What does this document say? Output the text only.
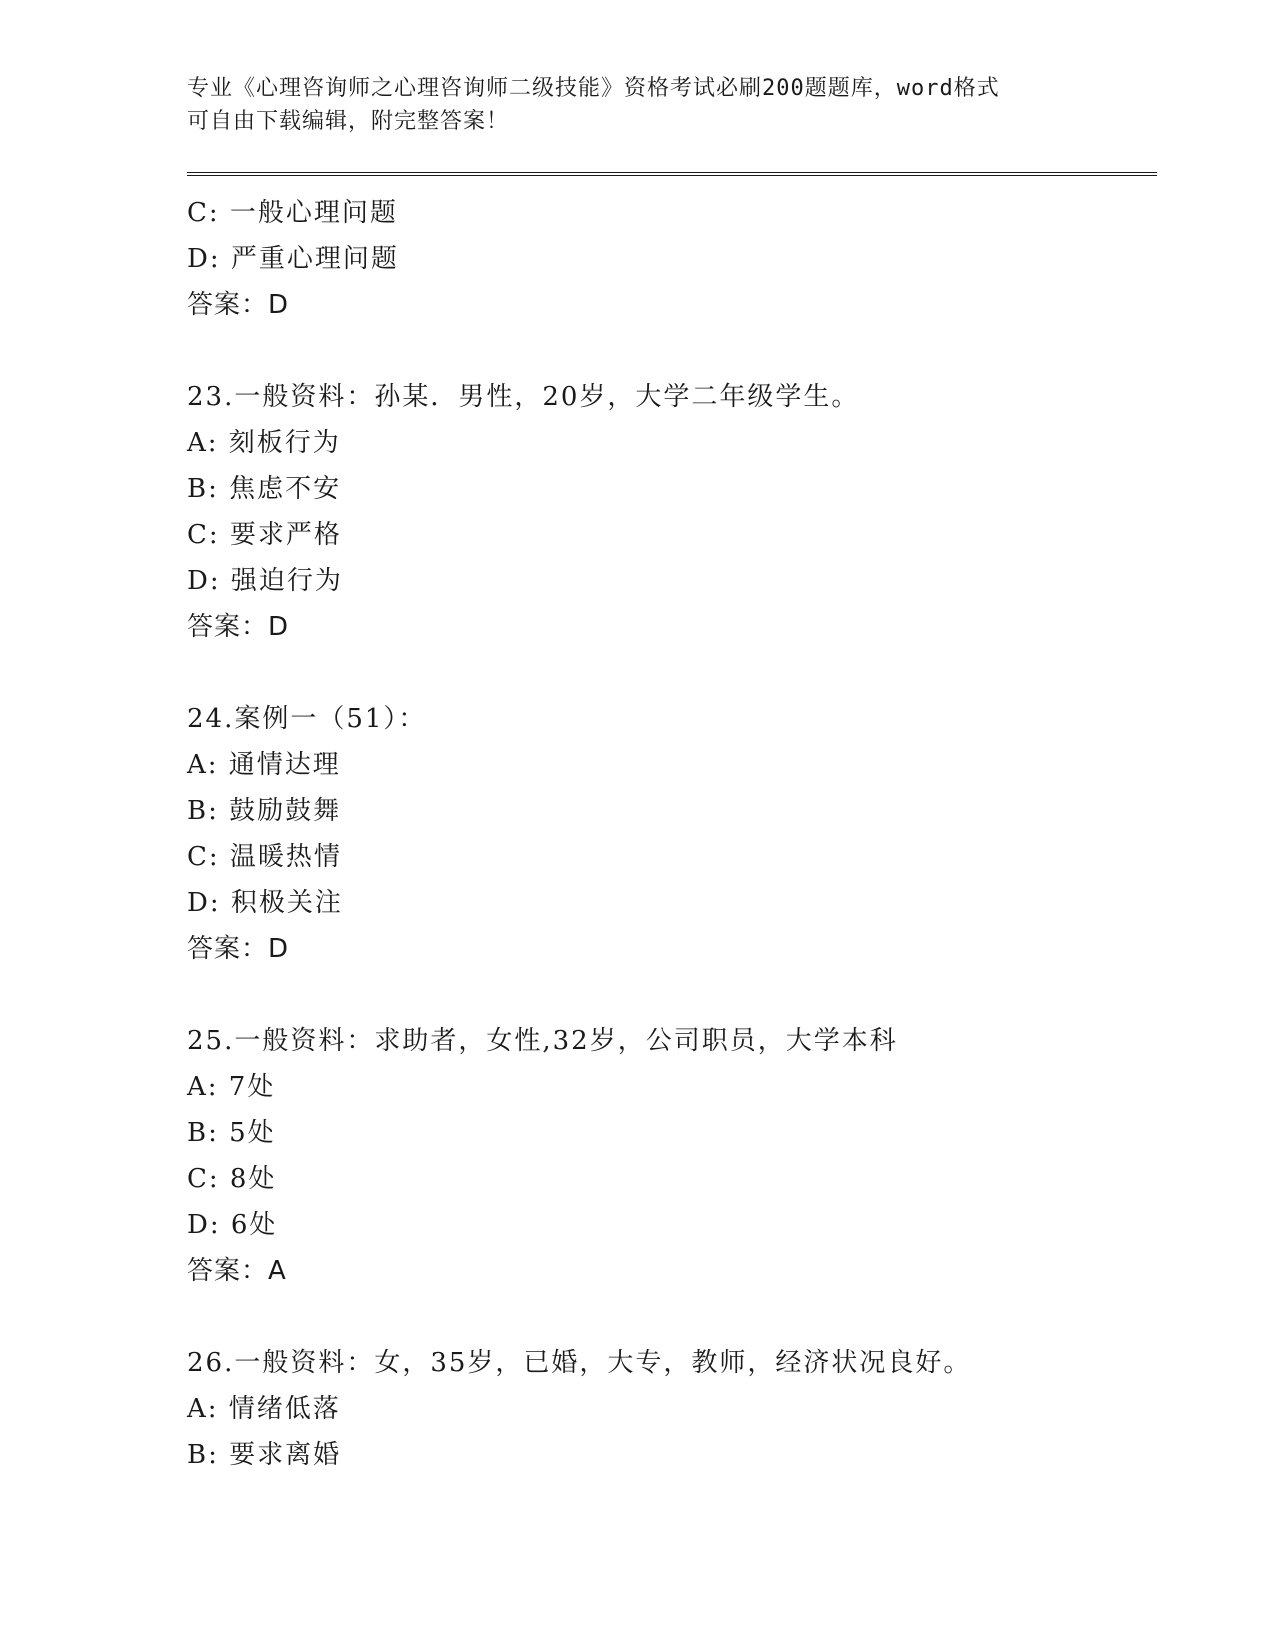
专业《心理咨询师之心理咨询师二级技能》资格考试必刷200题题库，word格式
可自由下载编辑，附完整答案！
C: 一般心理问题
D: 严重心理问题
答案：D
23.一般资料：孙某．男性，20岁，大学二年级学生。
A: 刻板行为
B: 焦虑不安
C: 要求严格
D: 强迫行为
答案：D
24.案例一（51）：
A: 通情达理
B: 鼓励鼓舞
C: 温暖热情
D: 积极关注
答案：D
25.一般资料：求助者，女性,32岁，公司职员，大学本科
A: 7处
B: 5处
C: 8处
D: 6处
答案：A
26.一般资料：女，35岁，已婚，大专，教师，经济状况良好。
A: 情绪低落
B: 要求离婚
